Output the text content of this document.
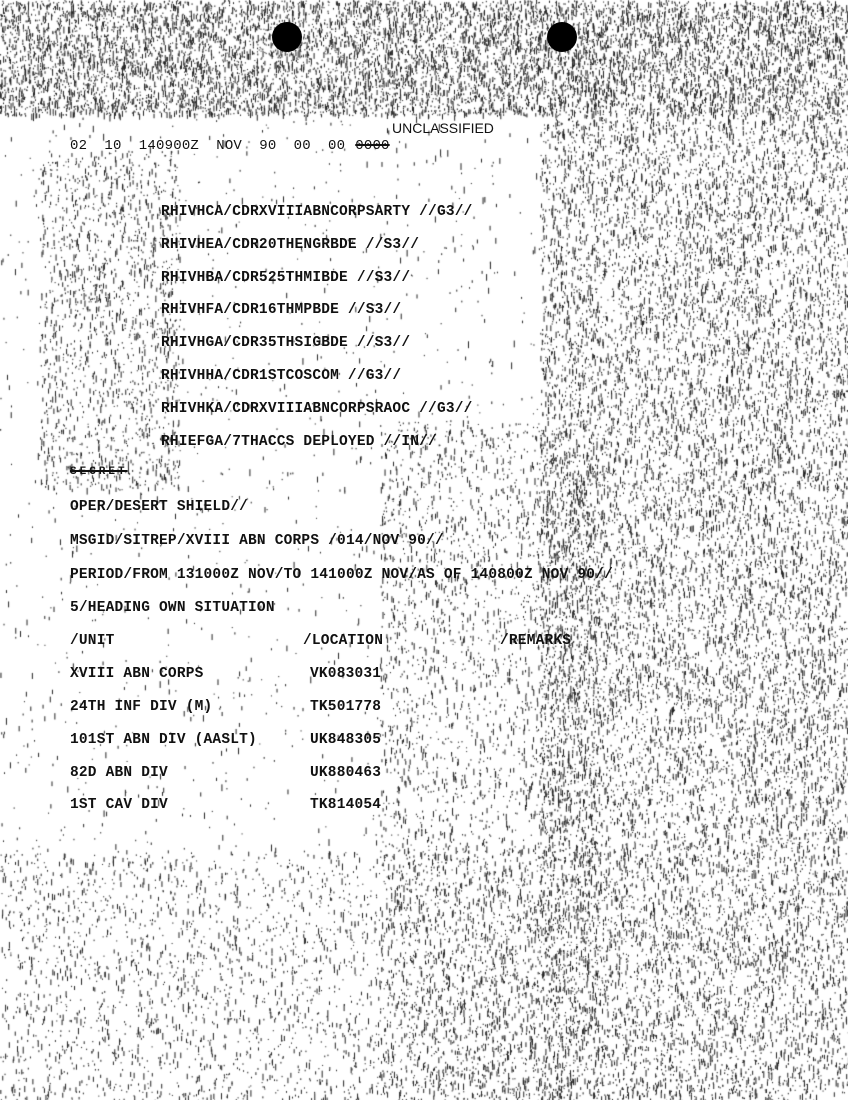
UNCLASSIFIED
02  10  140900Z  NOV  90  00  00 0000
RHIVHCA/CDRXVIIIABNCORPSARTY //G3//
RHIVHEA/CDR20THENGRBDE //S3//
RHIVHBA/CDR525THMIBDE //S3//
RHIVHFA/CDR16THMPBDE //S3//
RHIVHGA/CDR35THSIGBDE //S3//
RHIVHHA/CDR1STCOSCOM //G3//
RHIVHKA/CDRXVIIIABNCORPSRAOC //G3//
RHIEFGA/7THACCS DEPLOYED //IN//
SECRET
OPER/DESERT SHIELD//
MSGID/SITREP/XVIII ABN CORPS /014/NOV 90//
PERIOD/FROM 131000Z NOV/TO 141000Z NOV/AS OF 140800Z NOV 90//
5/HEADING OWN SITUATION
/UNIT	/LOCATION	/REMARKS
XVIII ABN CORPS	VK083031
24TH INF DIV (M)	TK501778
101ST ABN DIV (AASLT)	UK848305
82D ABN DIV	UK880463
1ST CAV DIV	TK814054
